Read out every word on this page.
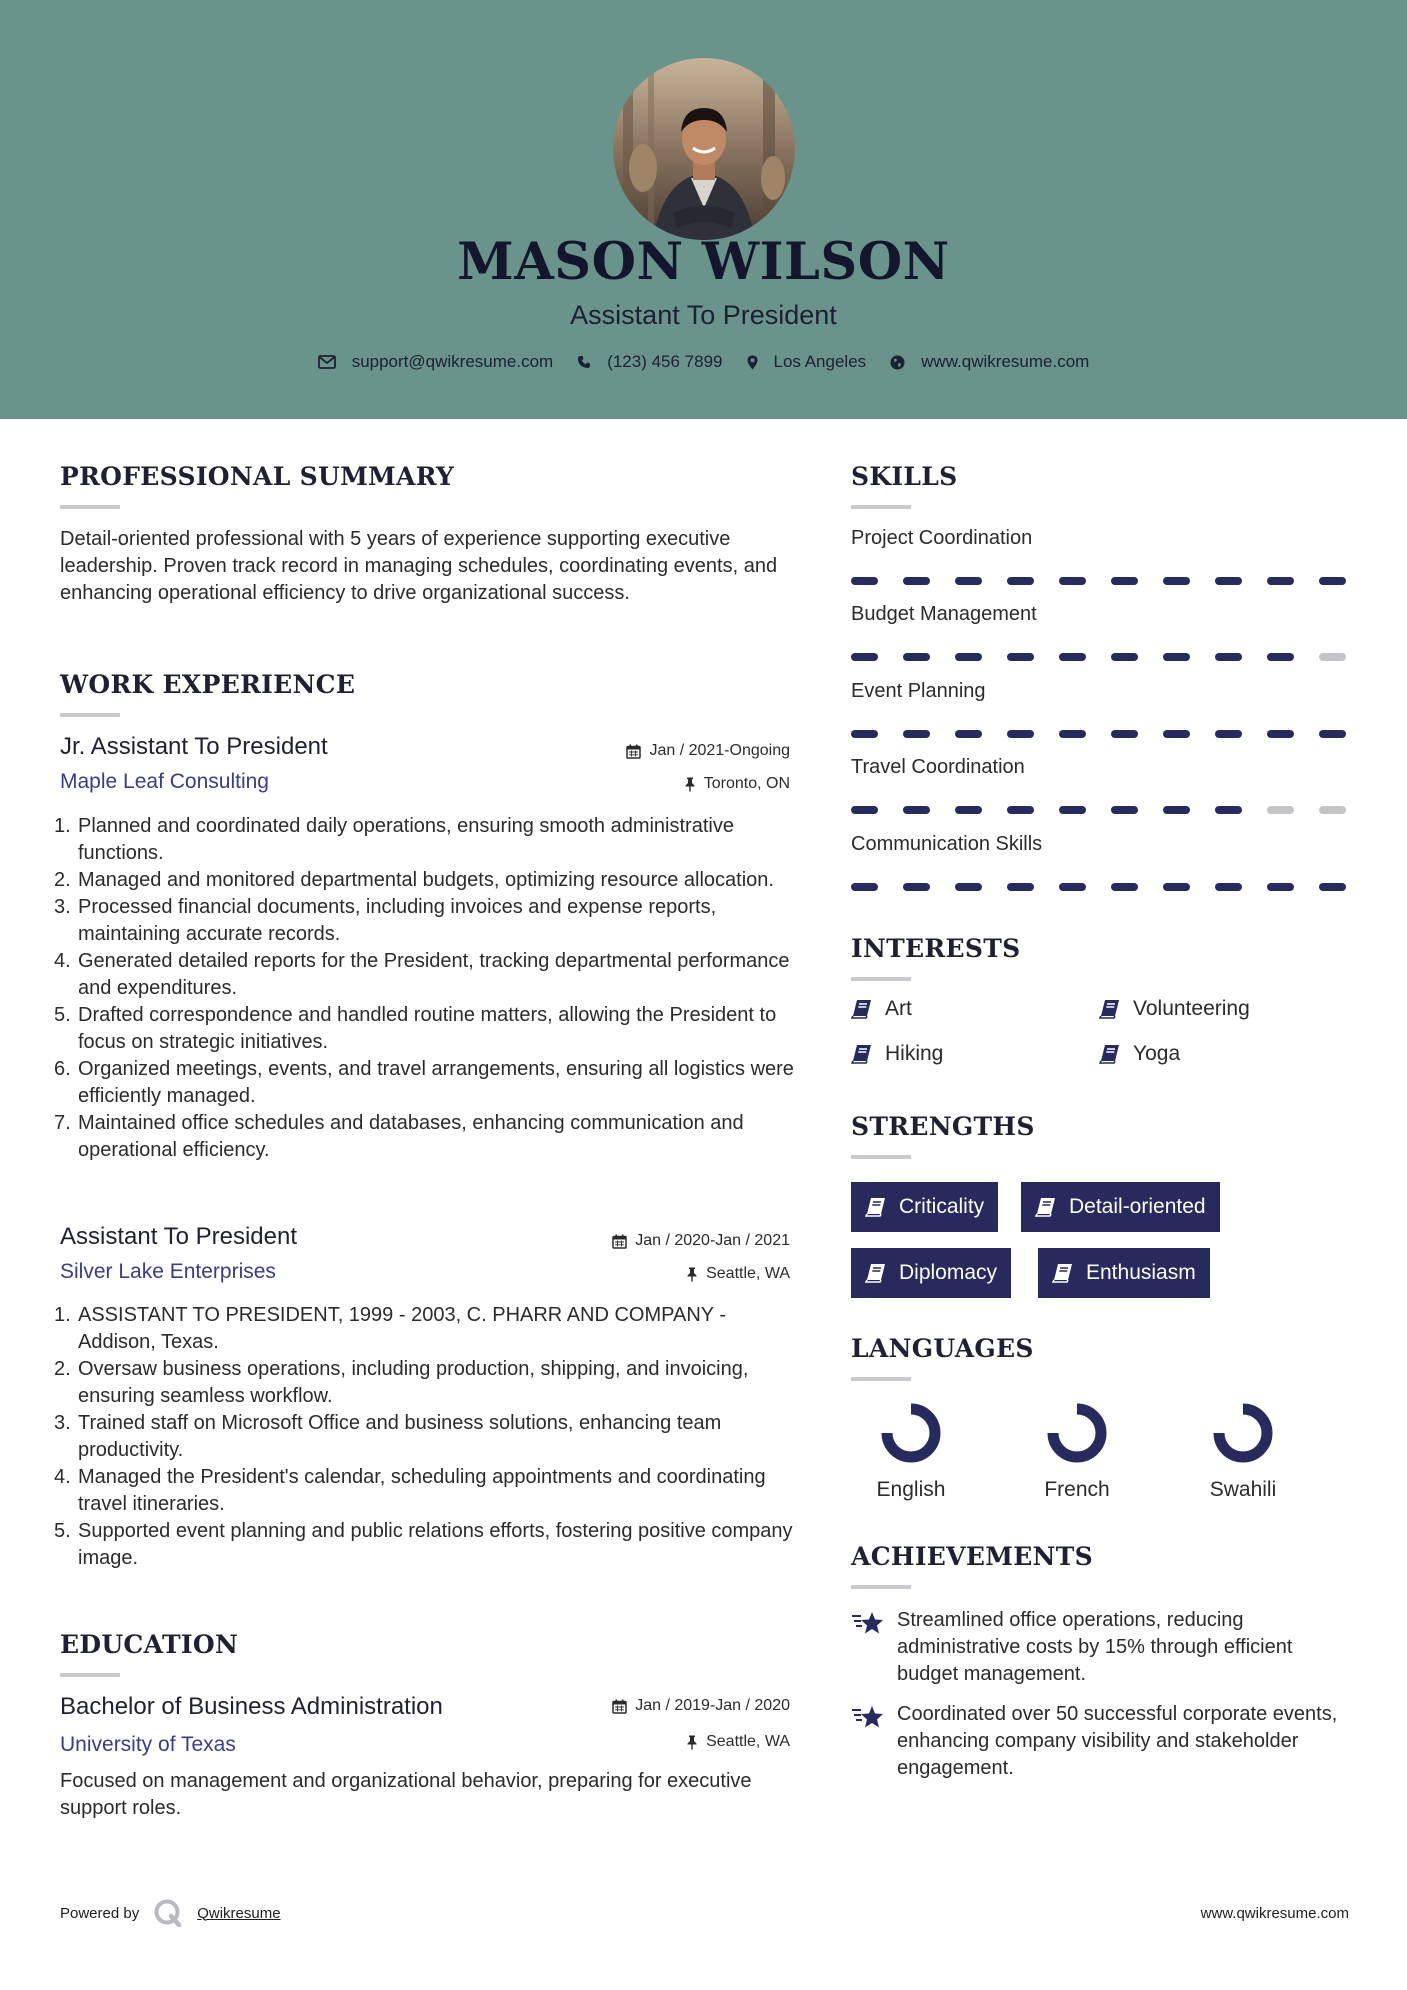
MASON WILSON
Assistant To President
support@qwikresume.com	(123) 456 7899	Los Angeles	www.qwikresume.com
PROFESSIONAL SUMMARY
Detail-oriented professional with 5 years of experience supporting executive leadership. Proven track record in managing schedules, coordinating events, and enhancing operational efficiency to drive organizational success.
WORK EXPERIENCE
Jr. Assistant To President	Jan / 2021-Ongoing
Maple Leaf Consulting	Toronto, ON
1. Planned and coordinated daily operations, ensuring smooth administrative functions.
2. Managed and monitored departmental budgets, optimizing resource allocation.
3. Processed financial documents, including invoices and expense reports, maintaining accurate records.
4. Generated detailed reports for the President, tracking departmental performance and expenditures.
5. Drafted correspondence and handled routine matters, allowing the President to focus on strategic initiatives.
6. Organized meetings, events, and travel arrangements, ensuring all logistics were efficiently managed.
7. Maintained office schedules and databases, enhancing communication and operational efficiency.
Assistant To President	Jan / 2020-Jan / 2021
Silver Lake Enterprises	Seattle, WA
1. ASSISTANT TO PRESIDENT, 1999 - 2003, C. PHARR AND COMPANY - Addison, Texas.
2. Oversaw business operations, including production, shipping, and invoicing, ensuring seamless workflow.
3. Trained staff on Microsoft Office and business solutions, enhancing team productivity.
4. Managed the President's calendar, scheduling appointments and coordinating travel itineraries.
5. Supported event planning and public relations efforts, fostering positive company image.
EDUCATION
Bachelor of Business Administration	Jan / 2019-Jan / 2020
University of Texas	Seattle, WA
Focused on management and organizational behavior, preparing for executive support roles.
SKILLS
Project Coordination
Budget Management
Event Planning
Travel Coordination
Communication Skills
INTERESTS
Art	Volunteering
Hiking	Yoga
STRENGTHS
Criticality	Detail-oriented
Diplomacy	Enthusiasm
LANGUAGES
English	French	Swahili
ACHIEVEMENTS
Streamlined office operations, reducing administrative costs by 15% through efficient budget management.
Coordinated over 50 successful corporate events, enhancing company visibility and stakeholder engagement.
Powered by	Qwikresume	www.qwikresume.com
